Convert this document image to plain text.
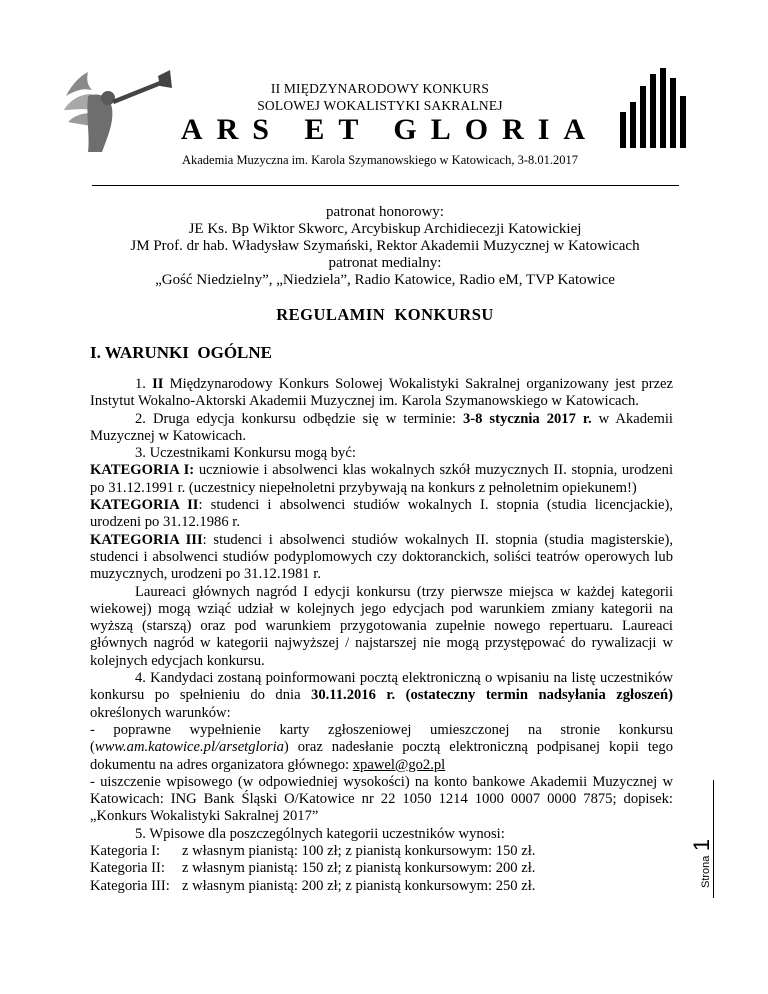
II MIĘDZYNARODOWY KONKURS
SOLOWEJ WOKALISTYKI SAKRALNEJ
ARS ET GLORIA
Akademia Muzyczna im. Karola Szymanowskiego w Katowicach, 3-8.01.2017
patronat honorowy:
JE Ks. Bp Wiktor Skworc, Arcybiskup Archidiecezji Katowickiej
JM Prof. dr hab. Władysław Szymański, Rektor Akademii Muzycznej w Katowicach
patronat medialny:
„Gość Niedzielny”, „Niedziela”, Radio Katowice, Radio eM, TVP Katowice
REGULAMIN  KONKURSU
I. WARUNKI  OGÓLNE

1. II Międzynarodowy Konkurs Solowej Wokalistyki Sakralnej organizowany jest przez Instytut Wokalno-Aktorski Akademii Muzycznej im. Karola Szymanowskiego w Katowicach.

2. Druga edycja konkursu odbędzie się w terminie: 3-8 stycznia 2017 r. w Akademii Muzycznej w Katowicach.

3. Uczestnikami Konkursu mogą być:

KATEGORIA I: uczniowie i absolwenci klas wokalnych szkół muzycznych II. stopnia, urodzeni po 31.12.1991 r. (uczestnicy niepełnoletni przybywają na konkurs z pełnoletnim opiekunem!)

KATEGORIA II: studenci i absolwenci studiów wokalnych I. stopnia (studia licencjackie), urodzeni po 31.12.1986 r.

KATEGORIA III: studenci i absolwenci studiów wokalnych II. stopnia (studia magisterskie), studenci i absolwenci studiów podyplomowych czy doktoranckich, soliści teatrów operowych lub muzycznych, urodzeni po 31.12.1981 r.

Laureaci głównych nagród I edycji konkursu (trzy pierwsze miejsca w każdej kategorii wiekowej) mogą wziąć udział w kolejnych jego edycjach pod warunkiem zmiany kategorii na wyższą (starszą) oraz pod warunkiem przygotowania zupełnie nowego repertuaru. Laureaci głównych nagród w kategorii najwyższej / najstarszej nie mogą przystępować do rywalizacji w kolejnych edycjach konkursu.

4. Kandydaci zostaną poinformowani pocztą elektroniczną o wpisaniu na listę uczestników konkursu po spełnieniu do dnia 30.11.2016 r. (ostateczny termin nadsyłania zgłoszeń) określonych warunków:

- poprawne wypełnienie karty zgłoszeniowej umieszczonej na stronie konkursu (www.am.katowice.pl/arsetgloria) oraz nadesłanie pocztą elektroniczną podpisanej kopii tego dokumentu na adres organizatora głównego: xpawel@go2.pl

- uiszczenie wpisowego (w odpowiedniej wysokości) na konto bankowe Akademii Muzycznej w Katowicach: ING Bank Śląski O/Katowice nr 22 1050 1214 1000 0007 0000 7875; dopisek: „Konkurs Wokalistyki Sakralnej 2017”

5. Wpisowe dla poszczególnych kategorii uczestników wynosi:

Kategoria I:	z własnym pianistą: 100 zł; z pianistą konkursowym: 150 zł.
Kategoria II:	z własnym pianistą: 150 zł; z pianistą konkursowym: 200 zł.
Kategoria III:	z własnym pianistą: 200 zł; z pianistą konkursowym: 250 zł.	Strona 1
